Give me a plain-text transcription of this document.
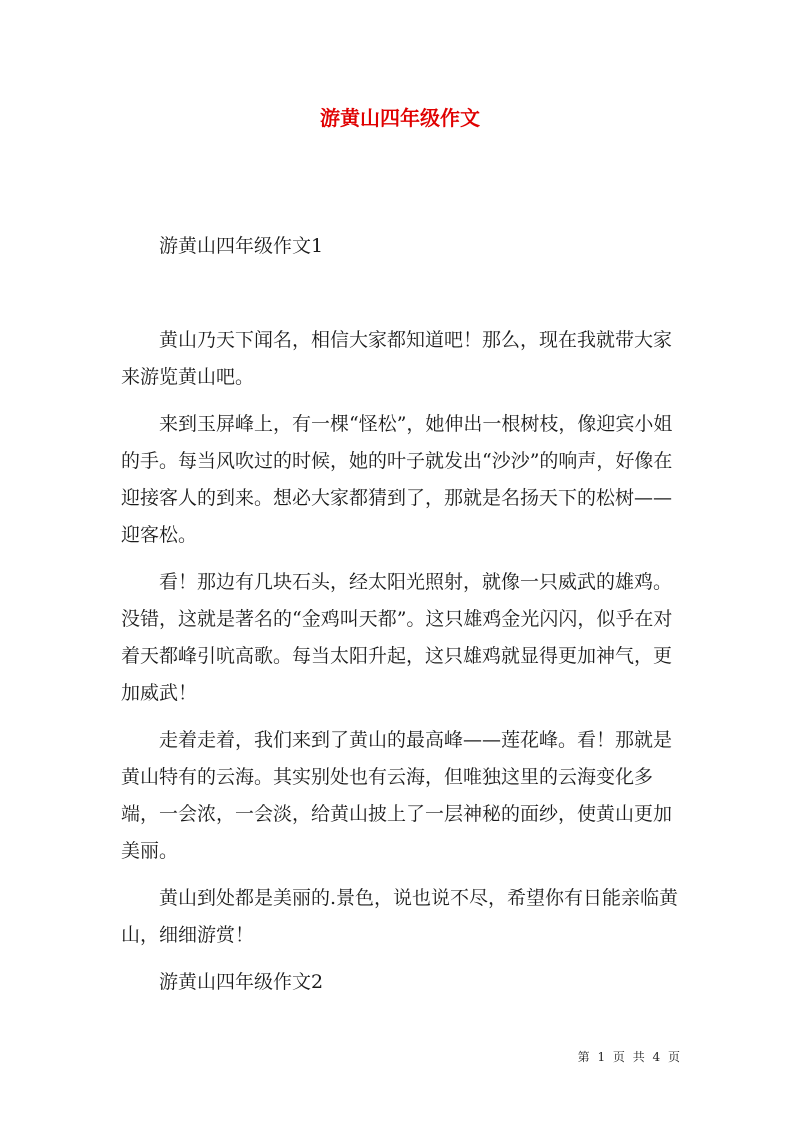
游黄山四年级作文
游黄山四年级作文1

黄山乃天下闻名，相信大家都知道吧！那么，现在我就带大家来游览黄山吧。

来到玉屏峰上，有一棵“怪松”，她伸出一根树枝，像迎宾小姐的手。每当风吹过的时候，她的叶子就发出“沙沙”的响声，好像在迎接客人的到来。想必大家都猜到了，那就是名扬天下的松树——迎客松。

看！那边有几块石头，经太阳光照射，就像一只威武的雄鸡。没错，这就是著名的“金鸡叫天都”。这只雄鸡金光闪闪，似乎在对着天都峰引吭高歌。每当太阳升起，这只雄鸡就显得更加神气，更加威武！

走着走着，我们来到了黄山的最高峰——莲花峰。看！那就是黄山特有的云海。其实别处也有云海，但唯独这里的云海变化多端，一会浓，一会淡，给黄山披上了一层神秘的面纱，使黄山更加美丽。

黄山到处都是美丽的.景色，说也说不尽，希望你有日能亲临黄山，细细游赏！

游黄山四年级作文2
第 1 页 共 4 页
